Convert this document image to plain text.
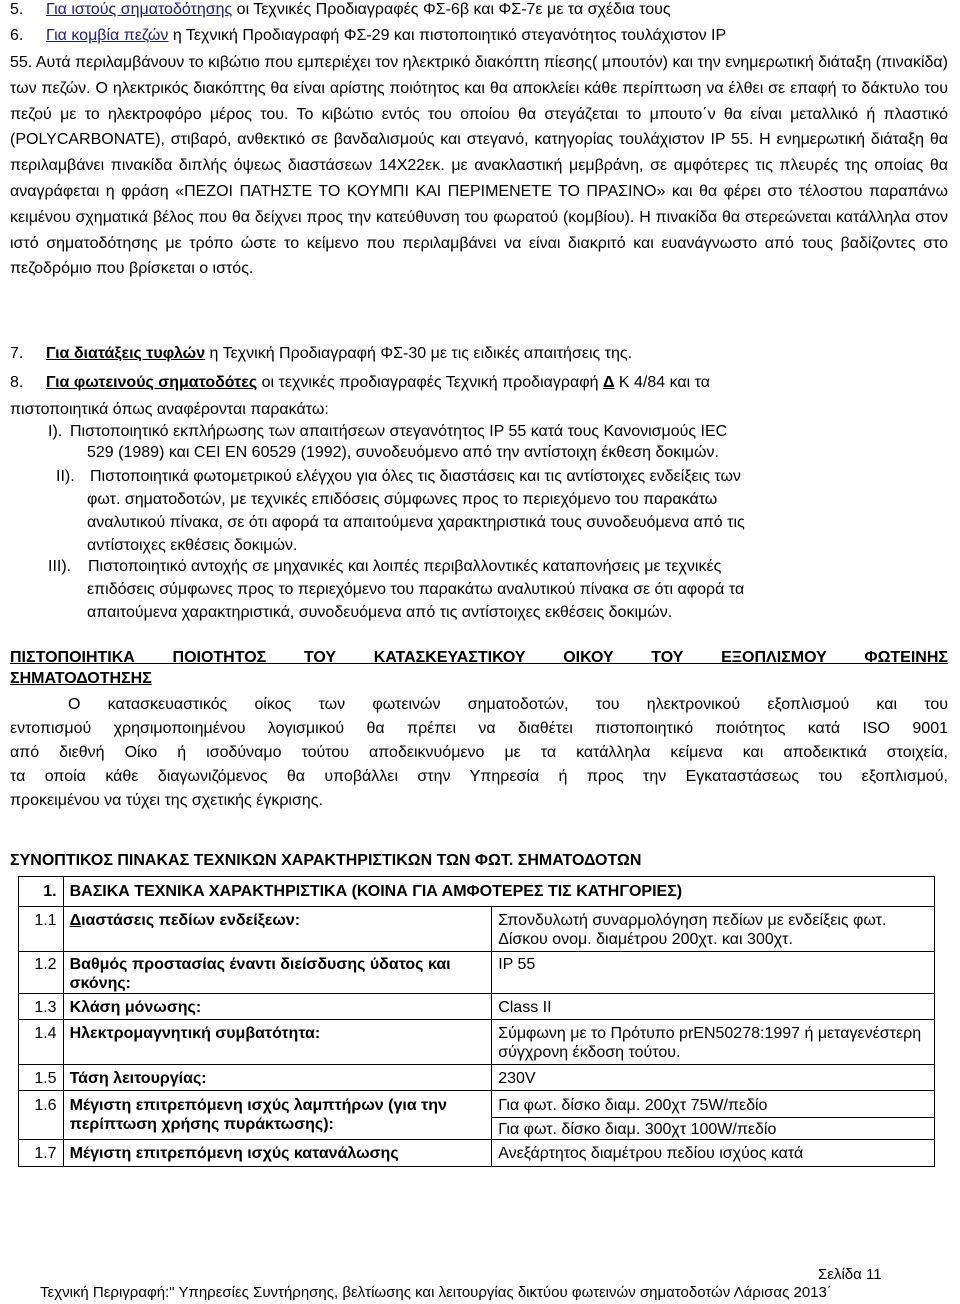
5. Για ιστούς σηματοδότησης οι Τεχνικές Προδιαγραφές ΦΣ-6β και ΦΣ-7ε με τα σχέδια τους
6. Για κομβία πεζών η Τεχνική Προδιαγραφή ΦΣ-29 και πιστοποιητικό στεγανότητος τουλάχιστον ΙΡ

55. Αυτά περιλαμβάνουν το κιβώτιο που εμπεριέχει τον ηλεκτρικό διακόπτη πίεσης( μπουτόν) και την ενημερωτική διάταξη (πινακίδα) των πεζών. Ο ηλεκτρικός διακόπτης θα είναι αρίστης ποιότητος και θα αποκλείει κάθε περίπτωση να έλθει σε επαφή το δάκτυλο του πεζού με το ηλεκτροφόρο μέρος του. Το κιβώτιο εντός του οποίου θα στεγάζεται το μπουτο΄ν θα είναι μεταλλικό ή πλαστικό (POLYCARBONATE), στιβαρό, ανθεκτικό σε βανδαλισμούς και στεγανό, κατηγορίας τουλάχιστον ΙΡ 55. Η ενημερωτική διάταξη θα περιλαμβάνει πινακίδα διπλής όψεως διαστάσεων 14Χ22εκ. με ανακλαστική μεμβράνη, σε αμφότερες τις πλευρές της οποίας θα αναγράφεται η φράση «ΠΕΖΟΙ ΠΑΤΗΣΤΕ ΤΟ ΚΟΥΜΠΙ ΚΑΙ ΠΕΡΙΜΕΝΕΤΕ ΤΟ ΠΡΑΣΙΝΟ» και θα φέρει στο τέλοστου παραπάνω κειμένου σχηματικά βέλος που θα δείχνει προς την κατεύθυνση του φωρατού (κομβίου). Η πινακίδα θα στερεώνεται κατάλληλα στον ιστό σηματοδότησης με τρόπο ώστε το κείμενο που περιλαμβάνει να είναι διακριτό και ευανάγνωστο από τους βαδίζοντες στο πεζοδρόμιο που βρίσκεται ο ιστός.

7. Για διατάξεις τυφλών η Τεχνική Προδιαγραφή ΦΣ-30 με τις ειδικές απαιτήσεις της.
8. Για φωτεινούς σηματοδότες οι τεχνικές προδιαγραφές Τεχνική προδιαγραφή Δ Κ 4/84 και τα
πιστοποιητικά όπως αναφέρονται παρακάτω:
Ι). Πιστοποιητικό εκπλήρωσης των απαιτήσεων στεγανότητος ΙΡ 55 κατά τους Κανονισμούς ΙΕC
529 (1989) και CEI EN 60529 (1992), συνοδευόμενο από την αντίστοιχη έκθεση δοκιμών.
ΙΙ). Πιστοποιητικά φωτομετρικού ελέγχου για όλες τις διαστάσεις και τις αντίστοιχες ενδείξεις των
φωτ. σηματοδοτών, με τεχνικές επιδόσεις σύμφωνες προς το περιεχόμενο του παρακάτω
αναλυτικού πίνακα, σε ότι αφορά τα απαιτούμενα χαρακτηριστικά τους συνοδευόμενα από τις
αντίστοιχες εκθέσεις δοκιμών.
ΙΙΙ). Πιστοποιητικό αντοχής σε μηχανικές και λοιπές περιβαλλοντικές καταπονήσεις με τεχνικές
επιδόσεις σύμφωνες προς το περιεχόμενο του παρακάτω αναλυτικού πίνακα σε ότι αφορά τα
απαιτούμενα χαρακτηριστικά, συνοδευόμενα από τις αντίστοιχες εκθέσεις δοκιμών.
ΠΙΣΤΟΠΟΙΗΤΙΚΑ ΠΟΙΟΤΗΤΟΣ ΤΟΥ ΚΑΤΑΣΚΕΥΑΣΤΙΚΟΥ ΟΙΚΟΥ ΤΟΥ ΕΞΟΠΛΙΣΜΟΥ ΦΩΤΕΙΝΗΣ
ΣΗΜΑΤΟΔΟΤΗΣΗΣ
Ο κατασκευαστικός οίκος των φωτεινών σηματοδοτών, του ηλεκτρονικού εξοπλισμού και του
εντοπισμού χρησιμοποιημένου λογισμικού θα πρέπει να διαθέτει πιστοποιητικό ποιότητος κατά ISO 9001
από διεθνή Οίκο ή ισοδύναμο τούτου αποδεικνυόμενο με τα κατάλληλα κείμενα και αποδεικτικά στοιχεία,
τα οποία κάθε διαγωνιζόμενος θα υποβάλλει στην Υπηρεσία ή προς την Εγκαταστάσεως του εξοπλισμού,
προκειμένου να τύχει της σχετικής έγκρισης.
ΣΥΝΟΠΤΙΚΟΣ ΠΙΝΑΚΑΣ ΤΕΧΝΙΚΩΝ ΧΑΡΑΚΤΗΡΙΣΤΙΚΩΝ ΤΩΝ ΦΩΤ. ΣΗΜΑΤΟΔΟΤΩΝ
1.	ΒΑΣΙΚΑ ΤΕΧΝΙΚΑ ΧΑΡΑΚΤΗΡΙΣΤΙΚΑ (ΚΟΙΝΑ ΓΙΑ ΑΜΦΟΤΕΡΕΣ ΤΙΣ ΚΑΤΗΓΟΡΙΕΣ)	
1.1	Διαστάσεις πεδίων ενδείξεων:	Σπονδυλωτή συναρμολόγηση πεδίων με ενδείξεις φωτ. Δίσκου ονομ. διαμέτρου 200χτ. και 300χτ.
1.2	Βαθμός προστασίας έναντι διείσδυσης ύδατος και σκόνης:	IP 55
1.3	Κλάση μόνωσης:	Class II
1.4	Ηλεκτρομαγνητική συμβατότητα:	Σύμφωνη με το Πρότυπο prEN50278:1997 ή μεταγενέστερη σύγχρονη έκδοση τούτου.
1.5	Τάση λειτουργίας:	230V
1.6	Μέγιστη επιτρεπόμενη ισχύς λαμπτήρων (για την περίπτωση χρήσης πυράκτωσης):	Για φωτ. δίσκο διαμ. 200χτ 75W/πεδίο
Για φωτ. δίσκο διαμ. 300χτ 100W/πεδίο

1.7	Μέγιστη επιτρεπόμενη ισχύς κατανάλωσης	Ανεξάρτητος διαμέτρου πεδίου ισχύος κατά
Σελίδα 11
Τεχνική Περιγραφή:" Υπηρεσίες Συντήρησης, βελτίωσης και λειτουργίας δικτύου φωτεινών σηματοδοτών Λάρισας 2013΄
